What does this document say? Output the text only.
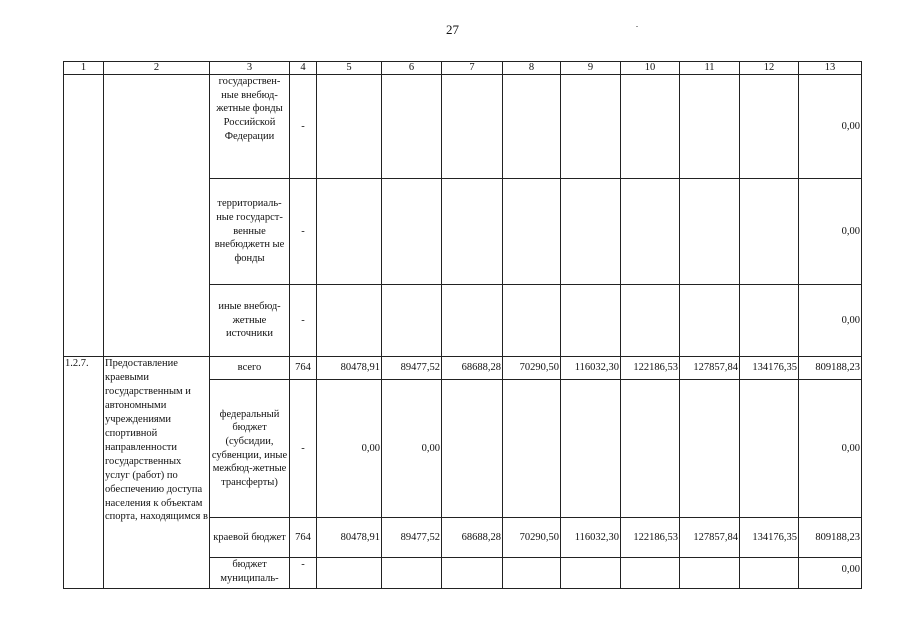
27
1	2	3	4	5	6	7	8	9	10	11	12	13
		государствен-ные внебюд-жетные фонды Российской Федерации	-									0,00
		территориаль-ные государст-венные внебюджетн ые фонды	-									0,00
		иные внебюд-жетные источники	-									0,00
1.2.7.	Предоставление краевыми государственным и автономными учреждениями спортивной направленности государственных услуг (работ) по обеспечению доступа населения к объектам спорта, находящимся в	всего	764	80478,91	89477,52	68688,28	70290,50	116032,30	122186,53	127857,84	134176,35	809188,23
		федеральный бюджет (субсидии, субвенции, иные межбюд-жетные трансферты)	-	0,00	0,00							0,00
		краевой бюджет	764	80478,91	89477,52	68688,28	70290,50	116032,30	122186,53	127857,84	134176,35	809188,23
		бюджет муниципаль-	-									0,00
